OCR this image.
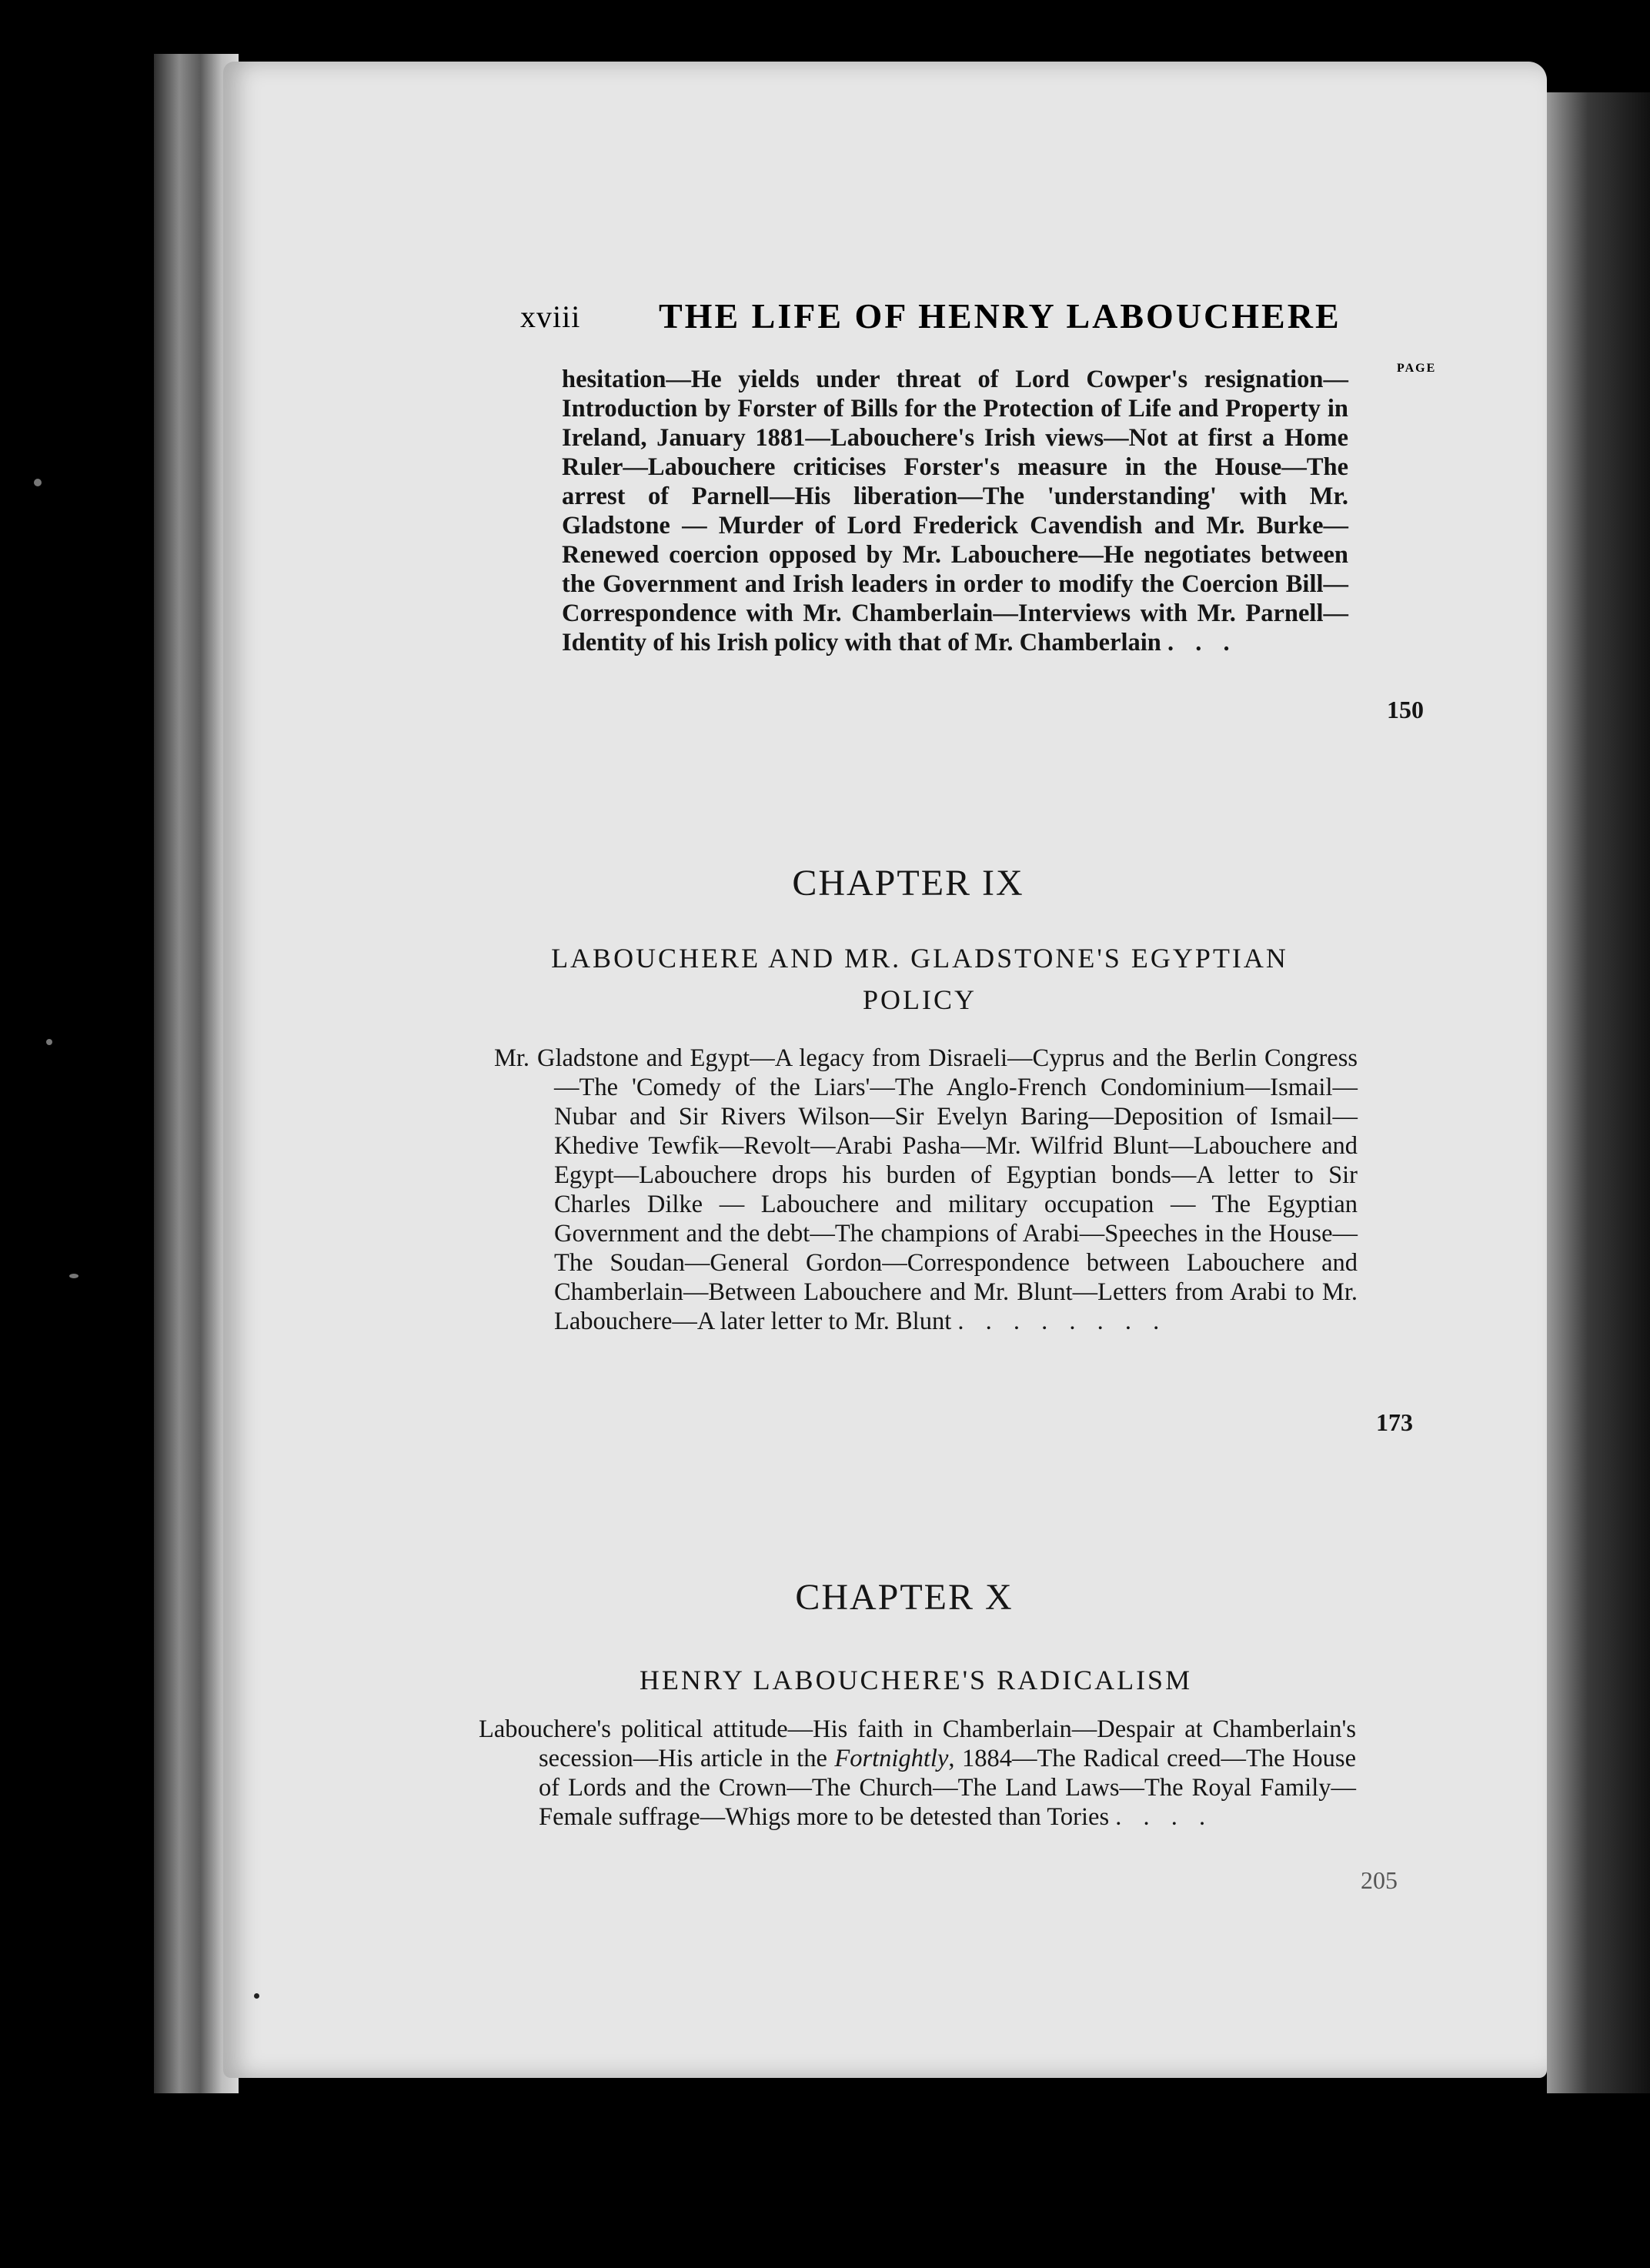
xviii THE LIFE OF HENRY LABOUCHERE
PAGE
hesitation—He yields under threat of Lord Cowper's resignation—Introduction by Forster of Bills for the Protection of Life and Property in Ireland, January 1881—Labouchere's Irish views—Not at first a Home Ruler—Labouchere criticises Forster's measure in the House—The arrest of Parnell—His liberation—The 'understanding' with Mr. Gladstone — Murder of Lord Frederick Cavendish and Mr. Burke—Renewed coercion opposed by Mr. Labouchere—He negotiates between the Government and Irish leaders in order to modify the Coercion Bill—Correspondence with Mr. Chamberlain—Interviews with Mr. Parnell—Identity of his Irish policy with that of Mr. Chamberlain . . .
150
CHAPTER IX
LABOUCHERE AND MR. GLADSTONE'S EGYPTIAN POLICY
Mr. Gladstone and Egypt—A legacy from Disraeli—Cyprus and the Berlin Congress—The 'Comedy of the Liars'—The Anglo-French Condominium—Ismail—Nubar and Sir Rivers Wilson—Sir Evelyn Baring—Deposition of Ismail—Khedive Tewfik—Revolt—Arabi Pasha—Mr. Wilfrid Blunt—Labouchere and Egypt—Labouchere drops his burden of Egyptian bonds—A letter to Sir Charles Dilke — Labouchere and military occupation — The Egyptian Government and the debt—The champions of Arabi—Speeches in the House—The Soudan—General Gordon—Correspondence between Labouchere and Chamberlain—Between Labouchere and Mr. Blunt—Letters from Arabi to Mr. Labouchere—A later letter to Mr. Blunt . . . . . . . .
173
CHAPTER X
HENRY LABOUCHERE'S RADICALISM
Labouchere's political attitude—His faith in Chamberlain—Despair at Chamberlain's secession—His article in the Fortnightly, 1884—The Radical creed—The House of Lords and the Crown—The Church—The Land Laws—The Royal Family—Female suffrage—Whigs more to be detested than Tories . . . .
205
